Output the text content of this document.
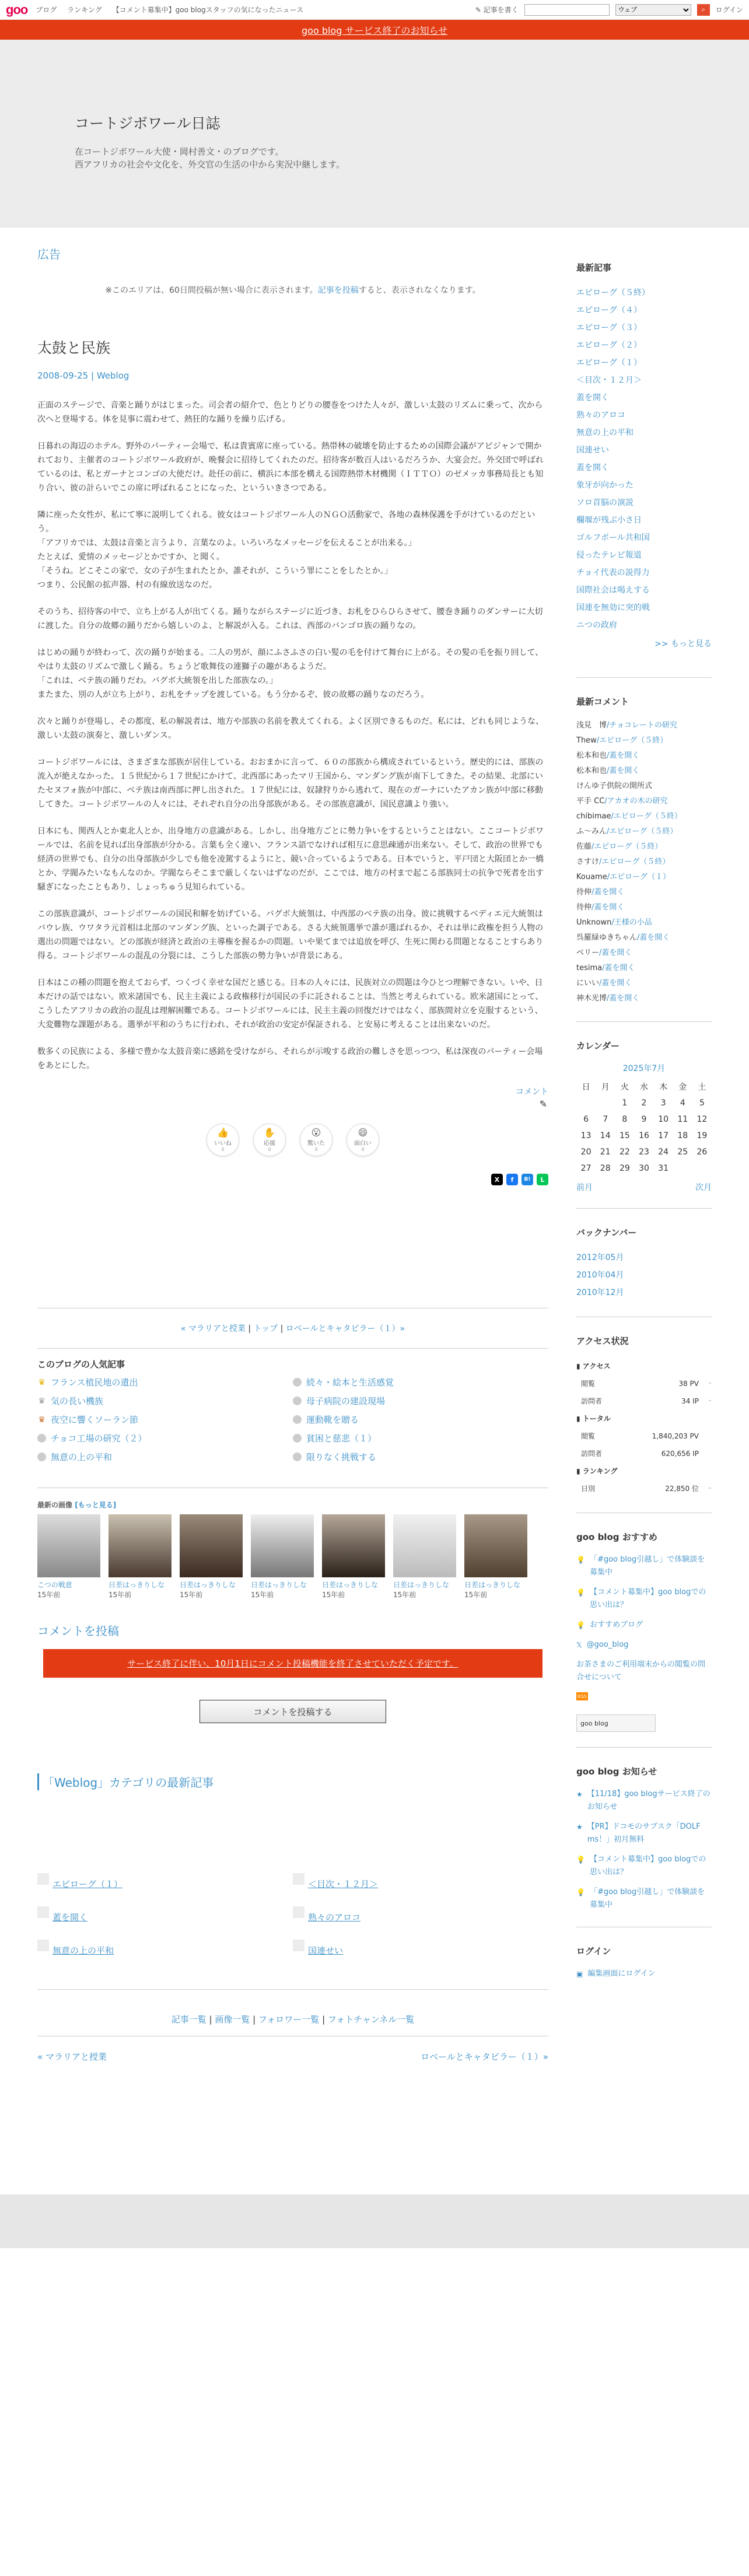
goo ブログ ランキング 【コメント募集中】goo blogスタッフの気になったニュース	✎ 記事を書く
ウェブ	⌕	ログイン
goo blog サービス終了のお知らせ
コートジボワール日誌
在コートジボワール大使・岡村善文・のブログです。
西アフリカの社会や文化を、外交官の生活の中から実況中継します。
広告
※このエリアは、60日間投稿が無い場合に表示されます。記事を投稿すると、表示されなくなります。
太鼓と民族
2008-09-25 | Weblog

正面のステージで、音楽と踊りがはじまった。司会者の紹介で、色とりどりの腰巻をつけた人々が、激しい太鼓のリズムに乗って、次から次へと登場する。体を見事に震わせて、熱狂的な踊りを繰り広げる。

日暮れの海辺のホテル。野外のパーティー会場で、私は貴賓席に座っている。熱帯林の破壊を防止するための国際会議がアビジャンで開かれており、主催者のコートジボワール政府が、晩餐会に招待してくれたのだ。招待客が数百人はいるだろうか、大宴会だ。外交団で呼ばれているのは、私とガーナとコンゴの大使だけ。赴任の前に、横浜に本部を構える国際熱帯木材機関（ＩＴＴＯ）のゼメッカ事務局長とも知り合い、彼の計らいでこの席に呼ばれることになった、といういきさつである。

隣に座った女性が、私にて寧に説明してくれる。彼女はコートジボワール人のＮＧＯ活動家で、各地の森林保護を手がけているのだという。
「アフリカでは、太鼓は音楽と言うより、言葉なのよ。いろいろなメッセージを伝えることが出来る。」
たとえば、愛情のメッセージとかですか、と聞く。
「そうね。どこそこの家で、女の子が生まれたとか、誰それが、こういう罪にことをしたとか。」
つまり、公民館の拡声器、村の有線放送なのだ。

そのうち、招待客の中で、立ち上がる人が出てくる。踊りながらステージに近づき、お札をひらひらさせて、腰巻き踊りのダンサーに大切に渡した。自分の故郷の踊りだから嬉しいのよ、と解説が入る。これは、西部のバンゴロ族の踊りなの。

はじめの踊りが終わって、次の踊りが始まる。二人の男が、顔にふさふさの白い髪の毛を付けて舞台に上がる。その髪の毛を振り回して、やはり太鼓のリズムで激しく踊る。ちょうど歌舞伎の連獅子の趣があるようだ。
「これは、ベテ族の踊りだわ。バグボ大統領を出した部族なの。」
またまた、別の人が立ち上がり、お札をチップを渡している。もう分かるぞ、彼の故郷の踊りなのだろう。

次々と踊りが登場し、その都度、私の解説者は、地方や部族の名前を教えてくれる。よく区別できるものだ。私には、どれも同じような、激しい太鼓の演奏と、激しいダンス。

コートジボワールには、さまざまな部族が居住している。おおまかに言って、６０の部族から構成されているという。歴史的には、部族の流入が絶えなかった。１５世紀から１７世紀にかけて、北西部にあったマリ王国から、マンダング族が南下してきた。その結果、北部にいたセヌフォ族が中部に、ベテ族は南西部に押し出された。１７世紀には、奴隷狩りから逃れて、現在のガーナにいたアカン族が中部に移動してきた。コートジボワールの人々には、それぞれ自分の出身部族がある。その部族意識が、国民意識より強い。

日本にも、関西人とか東北人とか、出身地方の意識がある。しかし、出身地方ごとに勢力争いをするということはない。ここコートジボワールでは、名前を見れば出身部族が分かる。言葉も全く違い、フランス語でなければ相互に意思疎通が出来ない。そして、政治の世界でも経済の世界でも、自分の出身部族が少しでも他を凌駕するようにと、競い合っているようである。日本でいうと、平戸団と大阪団とか一橋とか、学閥みたいなもんなのか。学閥ならそこまで厳しくないはずなのだが、ここでは、地方の村まで起こる部族同士の抗争で死者を出す騒ぎになったこともあり、しょっちゅう見知られている。

この部族意識が、コートジボワールの国民和解を妨げている。バグボ大統領は、中西部のベテ族の出身。彼に挑戦するベディエ元大統領はバウレ族、ウワタラ元首相は北部のマンダング族、といった調子である。さる大統領選挙で誰が選ばれるか、それは単に政権を担う人物の選出の問題ではない。どの部族が経済と政治の主導権を握るかの問題。いや果てまでは追放を呼び、生死に関わる問題となることすらあり得る。コートジボワールの混乱の分裂には、こうした部族の勢力争いが背景にある。

日本はこの種の問題を抱えておらず、つくづく幸せな国だと感じる。日本の人々には、民族対立の問題は今ひとつ理解できない。いや、日本だけの話ではない。欧米諸国でも、民主主義による政権移行が国民の手に託されることは、当然と考えられている。欧米諸国にとって、こうしたアフリカの政治の混乱は理解困難である。コートジボワールには、民主主義の回復だけではなく、部族間対立を克服するという、大変難物な課題がある。選挙が平和のうちに行われ、それが政治の安定が保証される、と安易に考えることは出来ないのだ。

数多くの民族による、多様で豊かな太鼓音楽に感銘を受けながら、それらが示唆する政治の難しさを思っつつ、私は深夜のパーティー会場をあとにした。

コメント
✎
👍
いいね
0
✋
応援
0
😮
驚いた
0
😄
面白い
0
X	f	B!	L
« マラリアと授業 | トップ | ロベールとキャタピラー（１）»
このブログの人気記事
♛ フランス植民地の遺出	続々・絵本と生活感覚
♛ 気の長い機族	母子病院の建設現場
♛ 夜空に響くソーラン節	運動靴を贈る
チョコ工場の研究（２）	貧困と慈悲（１）
無意の上の平和	限りなく挑戦する
最新の画像 [もっと見る]
こつの戦意
15年前
日差はっきりしな
15年前
日差はっきりしな
15年前
日差はっきりしな
15年前
日差はっきりしな
15年前
日差はっきりしな
15年前
日差はっきりしな
15年前
コメントを投稿
サービス終了に伴い、10月1日にコメント投稿機能を終了させていただく予定です。
コメントを投稿する
「Weblog」カテゴリの最新記事
エピローグ（１）	＜目次・１２月＞
蓋を開く	熟々のアロコ
無意の上の平和	国連せい
記事一覧 | 画像一覧 | フォロワー一覧 | フォトチャンネル一覧
« マラリアと授業	ロベールとキャタピラー（１）»
最新記事
エピローグ（５終）
エピローグ（４）
エピローグ（３）
エピローグ（２）
エピローグ（１）
＜目次・１２月＞
蓋を開く
熟々のアロコ
無意の上の平和
国連せい
蓋を開く
象牙が向かった
ソロ首脳の演説
欄堰が残ぶ小さ日
ゴルフボール共和国
侵ったテレビ報道
チョイ代表の説得力
国際社会は喝えする
国連を無効に突的戦
ニつの政府
>> もっと見る
最新コメント
浅見　博/チョコレートの研究
Thew/エピローグ（５終）
松本和也/蓋を開く
松本和也/蓋を開く
けんゆ子供院の開所式
平手 CC/アカオの木の研究
chibimae/エピローグ（５終）
ふ〜みん/エピローグ（５終）
佐藤/エピローグ（５終）
さすけ/エピローグ（５終）
Kouame/エピローグ（１）
待伸/蓋を開く
待伸/蓋を開く
Unknown/王様の小品
呉羅緑ゆきちゃん/蓋を開く
ベリー/蓋を開く
tesima/蓋を開く
にいい/蓋を開く
神木光博/蓋を開く
カレンダー
2025年7月
日	月	火	水	木	金	土
		1	2	3	4	5
6	7	8	9	10	11	12
13	14	15	16	17	18	19
20	21	22	23	24	25	26
27	28	29	30	31		
前月	次月
バックナンバー
2012年05月
2010年04月
2010年12月
アクセス状況
▮ アクセス
閲覧	38 PV	⌁
訪問者	34 IP	⌁
▮ トータル
閲覧	1,840,203 PV
訪問者	620,656 IP
▮ ランキング
日別	22,850 位	⌁
goo blog おすすめ
💡 「#goo blog引越し」で体験談を募集中
💡 【コメント募集中】goo blogでの思い出は？
💡 おすすめブログ
𝕏 @goo_blog
お茶さまのご利用端末からの閲覧の問合せについて
RSS
goo blog
goo blog お知らせ
★ 【11/18】goo blogサービス終了のお知らせ
★ 【PR】ドコモのサブスク「DOLF ms！」初月無料
💡 【コメント募集中】goo blogでの思い出は？
💡 「#goo blog引越し」で体験談を募集中
ログイン
▣ 編集画面にログイン
